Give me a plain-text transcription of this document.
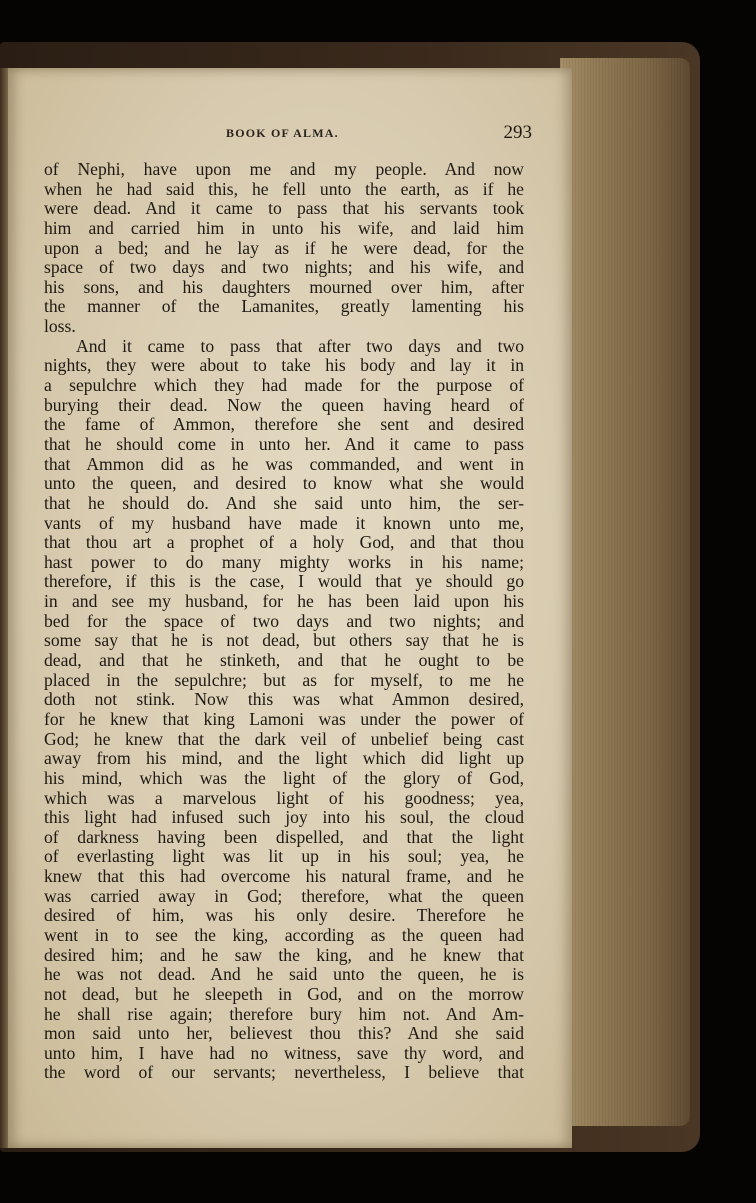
BOOK OF ALMA.	293
of Nephi, have upon me and my people. And now
when he had said this, he fell unto the earth, as if he
were dead. And it came to pass that his servants took
him and carried him in unto his wife, and laid him
upon a bed; and he lay as if he were dead, for the
space of two days and two nights; and his wife, and
his sons, and his daughters mourned over him, after
the manner of the Lamanites, greatly lamenting his
loss.
And it came to pass that after two days and two
nights, they were about to take his body and lay it in
a sepulchre which they had made for the purpose of
burying their dead. Now the queen having heard of
the fame of Ammon, therefore she sent and desired
that he should come in unto her. And it came to pass
that Ammon did as he was commanded, and went in
unto the queen, and desired to know what she would
that he should do. And she said unto him, the ser-
vants of my husband have made it known unto me,
that thou art a prophet of a holy God, and that thou
hast power to do many mighty works in his name;
therefore, if this is the case, I would that ye should go
in and see my husband, for he has been laid upon his
bed for the space of two days and two nights; and
some say that he is not dead, but others say that he is
dead, and that he stinketh, and that he ought to be
placed in the sepulchre; but as for myself, to me he
doth not stink. Now this was what Ammon desired,
for he knew that king Lamoni was under the power of
God; he knew that the dark veil of unbelief being cast
away from his mind, and the light which did light up
his mind, which was the light of the glory of God,
which was a marvelous light of his goodness; yea,
this light had infused such joy into his soul, the cloud
of darkness having been dispelled, and that the light
of everlasting light was lit up in his soul; yea, he
knew that this had overcome his natural frame, and he
was carried away in God; therefore, what the queen
desired of him, was his only desire. Therefore he
went in to see the king, according as the queen had
desired him; and he saw the king, and he knew that
he was not dead. And he said unto the queen, he is
not dead, but he sleepeth in God, and on the morrow
he shall rise again; therefore bury him not. And Am-
mon said unto her, believest thou this? And she said
unto him, I have had no witness, save thy word, and
the word of our servants; nevertheless, I believe that
